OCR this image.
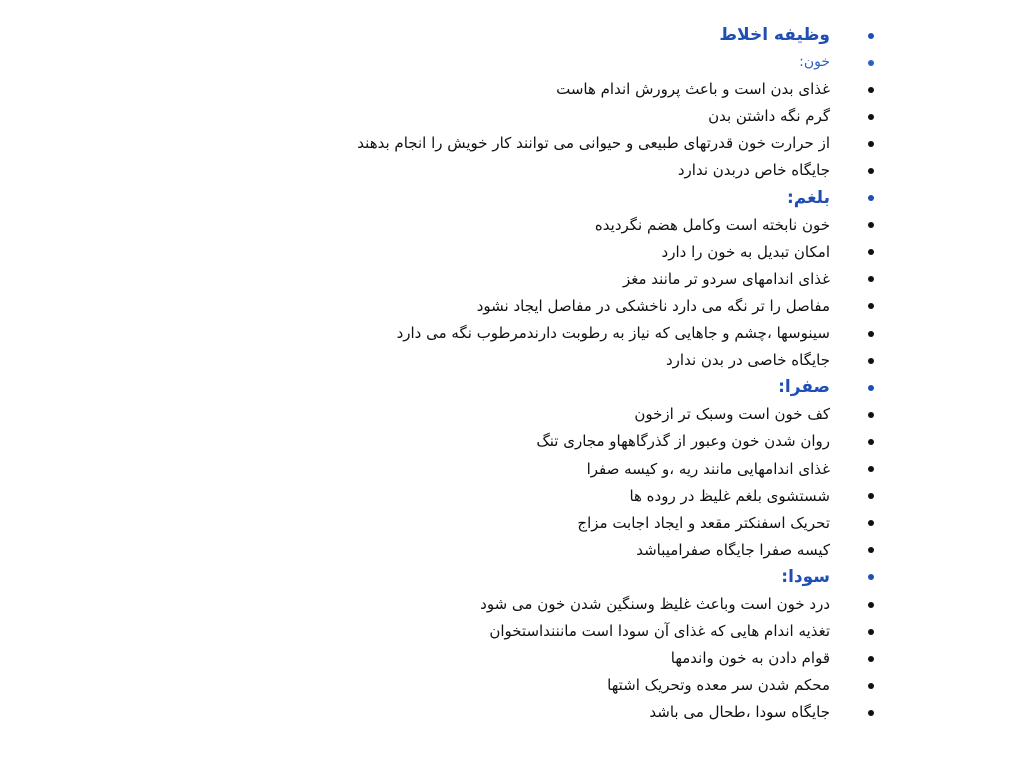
وظیفه اخلاط
خون:
غذای بدن است و باعث پرورش اندام هاست
گرم نگه داشتن بدن
از حرارت خون قدرتهای طبیعی و حیوانی می توانند کار خویش را انجام بدهند
جایگاه خاص دربدن ندارد
بلغم:
خون نابخته است وکامل هضم نگردیده
امکان تبدیل به خون را دارد
غذای اندامهای سردو تر مانند مغز
مفاصل را تر نگه می دارد ناخشکی در مفاصل ایجاد نشود
سینوسها ،چشم و جاهایی که نیاز به رطوبت دارندمرطوب نگه می دارد
جایگاه خاصی در بدن ندارد
صفرا:
کف خون است وسبک تر ازخون
روان شدن خون وعبور از گذرگاههاو مجاری تنگ
غذای اندامهایی مانند ریه ،و کیسه صفرا
شستشوی بلغم غلیظ در روده ها
تحریک اسفنکتر مقعد و ایجاد اجابت مزاج
کیسه صفرا جایگاه صفرامیباشد
سودا:
درد خون است وباعث غلیظ وسنگین شدن خون می شود
تغذیه اندام هایی که غذای آن سودا است مانننداستخوان
قوام دادن به خون واندمها
محکم شدن سر معده وتحریک اشتها
جایگاه سودا ،طحال می باشد
